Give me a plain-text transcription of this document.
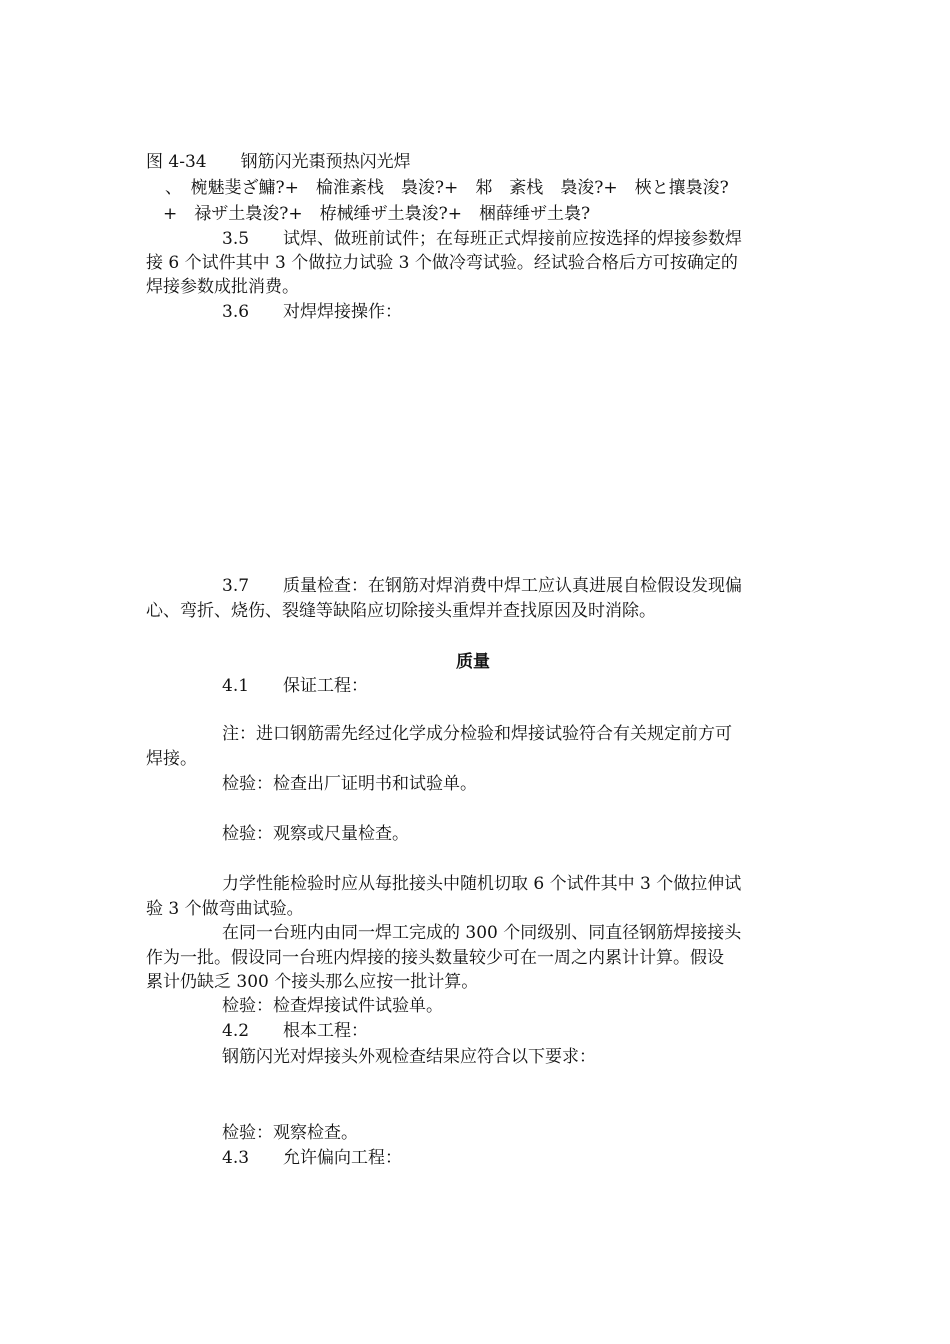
图 4-34　　钢筋闪光棗预热闪光焊
　、　椀魅斐ざ鱅?+　棆淮紊栈　裊浚?+　邾　紊栈　裊浚?+　梜と攘裊浚?
　+　禄ザ土裊浚?+　栫械缍ザ土裊浚?+　梱薛缍ザ土裊?
3.5　　试焊、做班前试件；在每班正式焊接前应按选择的焊接参数焊
接 6 个试件其中 3 个做拉力试验 3 个做冷弯试验。经试验合格后方可按确定的
焊接参数成批消费。
3.6　　对焊焊接操作：
3.7　　质量检查：在钢筋对焊消费中焊工应认真进展自检假设发现偏
心、弯折、烧伤、裂缝等缺陷应切除接头重焊并查找原因及时消除。
质量
4.1　　保证工程：
注：进口钢筋需先经过化学成分检验和焊接试验符合有关规定前方可
焊接。
检验：检查出厂证明书和试验单。
检验：观察或尺量检查。
力学性能检验时应从每批接头中随机切取 6 个试件其中 3 个做拉伸试
验 3 个做弯曲试验。
在同一台班内由同一焊工完成的 300 个同级别、同直径钢筋焊接接头
作为一批。假设同一台班内焊接的接头数量较少可在一周之内累计计算。假设
累计仍缺乏 300 个接头那么应按一批计算。
检验：检查焊接试件试验单。
4.2　　根本工程：
钢筋闪光对焊接头外观检查结果应符合以下要求：
检验：观察检查。
4.3　　允许偏向工程：
